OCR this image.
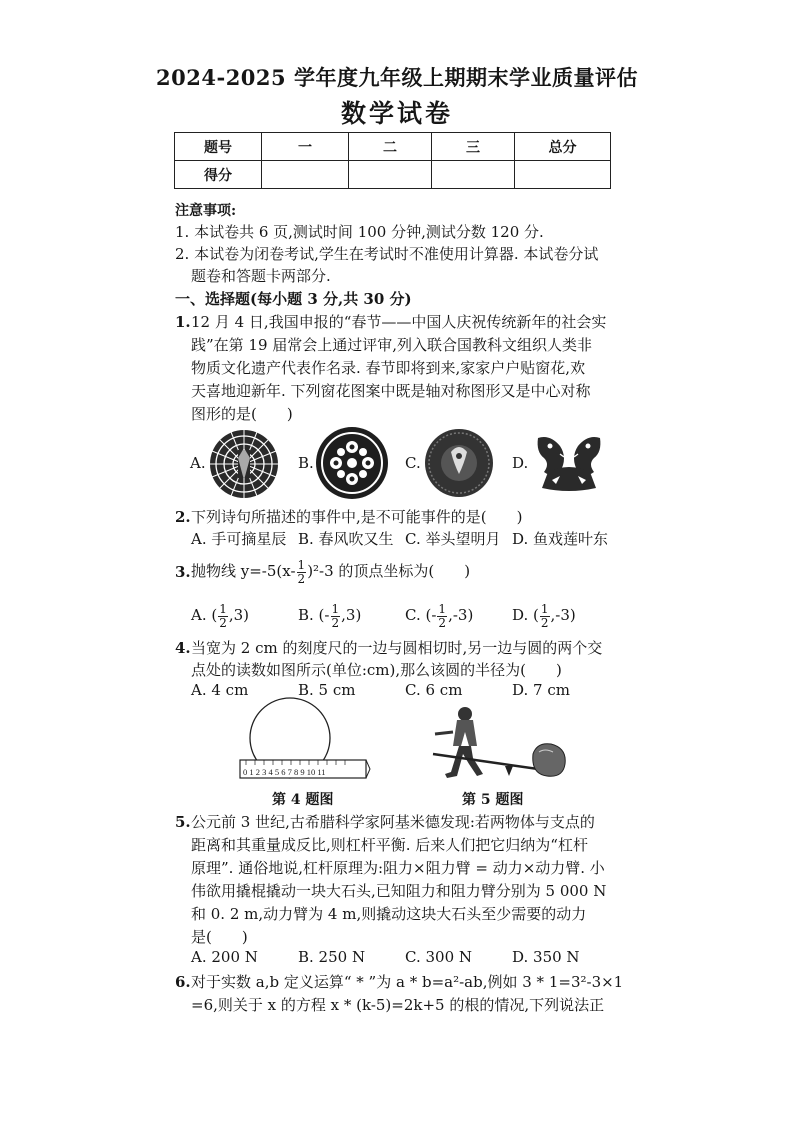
2024-2025 学年度九年级上期期末学业质量评估
数学试卷
题号	一	二	三	总分
得分				
注意事项:
1. 本试卷共 6 页,测试时间 100 分钟,测试分数 120 分.
2. 本试卷为闭卷考试,学生在考试时不准使用计算器. 本试卷分试
题卷和答题卡两部分.
一、选择题(每小题 3 分,共 30 分)
1. 12 月 4 日,我国申报的“春节——中国人庆祝传统新年的社会实
践”在第 19 届常会上通过评审,列入联合国教科文组织人类非
物质文化遗产代表作名录. 春节即将到来,家家户户贴窗花,欢
天喜地迎新年. 下列窗花图案中既是轴对称图形又是中心对称
图形的是(　　)
A.	B.	C.	D.
2. 下列诗句所描述的事件中,是不可能事件的是(　　)
A. 手可摘星辰 B. 春风吹又生 C. 举头望明月 D. 鱼戏莲叶东
3. 抛物线 $y=-5(x- \frac{1}{2} )^2-3$ 的顶点坐标为(　　)
A. ( $\frac{1}{2} ,3$)	B. (- $\frac{1}{2} ,3$)	C. (- $\frac{1}{2} ,-3$)	D. ( $\frac{1}{2} ,-3$)
4. 当宽为 2 cm 的刻度尺的一边与圆相切时,另一边与圆的两个交
点处的读数如图所示(单位:cm),那么该圆的半径为(　　)
A. 4 cm	B. 5 cm	C. 6 cm	D. 7 cm
0 1 2 3 4 5 6 7 8 9 10 11
第 4 题图	第 5 题图
5. 公元前 3 世纪,古希腊科学家阿基米德发现:若两物体与支点的
距离和其重量成反比,则杠杆平衡. 后来人们把它归纳为“杠杆
原理”. 通俗地说,杠杆原理为:阻力×阻力臂 = 动力×动力臂. 小
伟欲用撬棍撬动一块大石头,已知阻力和阻力臂分别为 5 000 N
和 0. 2 m,动力臂为 4 m,则撬动这块大石头至少需要的动力
是(　　)
A. 200 N	B. 250 N	C. 300 N	D. 350 N
6. 对于实数 a,b 定义运算“ * ”为 a * b=a²-ab,例如 3 * 1=3²-3×1
=6,则关于 x 的方程 x * (k-5)=2k+5 的根的情况,下列说法正
